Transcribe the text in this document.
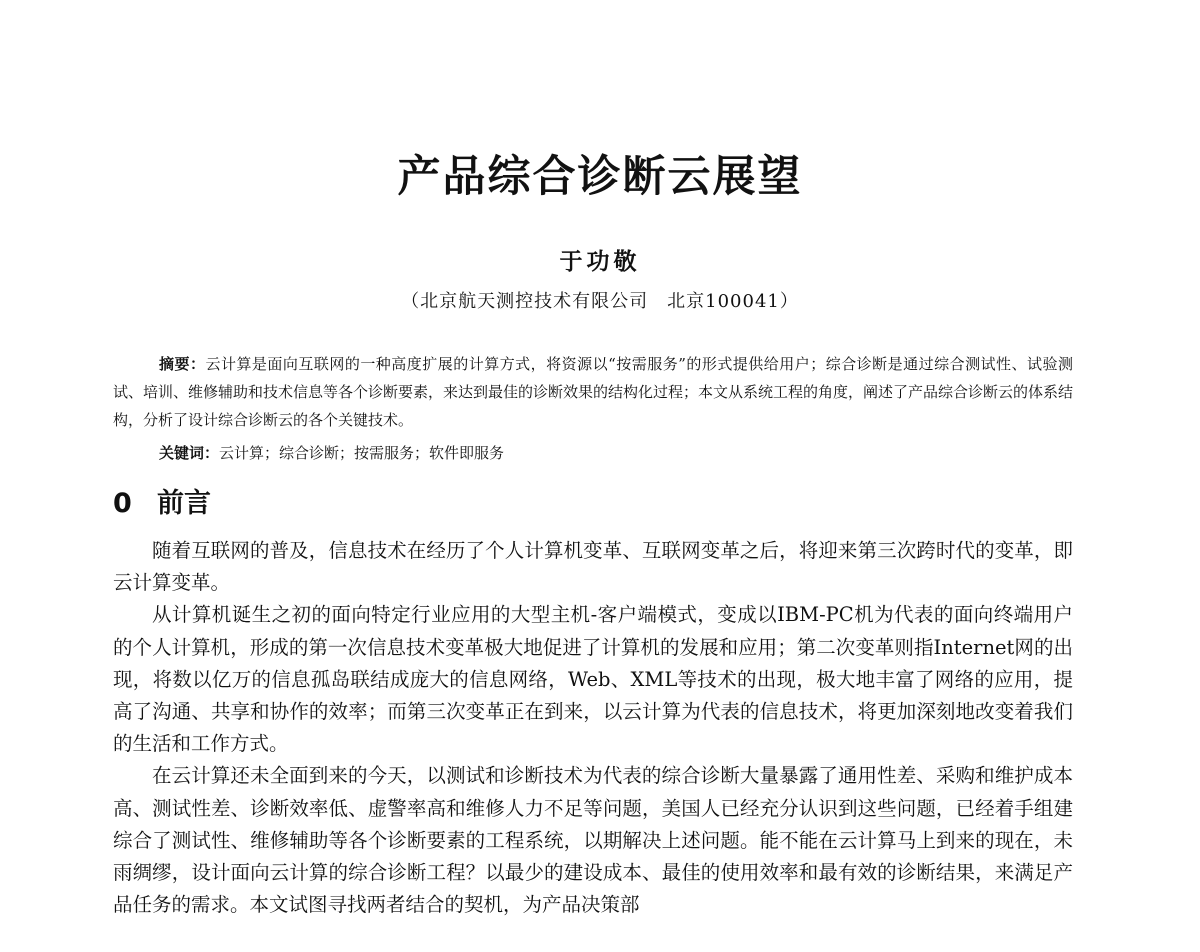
产品综合诊断云展望
于功敬
（北京航天测控技术有限公司　北京100041）

摘要：云计算是面向互联网的一种高度扩展的计算方式，将资源以“按需服务”的形式提供给用户；综合诊断是通过综合测试性、试验测试、培训、维修辅助和技术信息等各个诊断要素，来达到最佳的诊断效果的结构化过程；本文从系统工程的角度，阐述了产品综合诊断云的体系结构，分析了设计综合诊断云的各个关键技术。

关键词：云计算；综合诊断；按需服务；软件即服务

0 前言

随着互联网的普及，信息技术在经历了个人计算机变革、互联网变革之后，将迎来第三次跨时代的变革，即云计算变革。

从计算机诞生之初的面向特定行业应用的大型主机-客户端模式，变成以IBM-PC机为代表的面向终端用户的个人计算机，形成的第一次信息技术变革极大地促进了计算机的发展和应用；第二次变革则指Internet网的出现，将数以亿万的信息孤岛联结成庞大的信息网络，Web、XML等技术的出现，极大地丰富了网络的应用，提高了沟通、共享和协作的效率；而第三次变革正在到来，以云计算为代表的信息技术，将更加深刻地改变着我们的生活和工作方式。

在云计算还未全面到来的今天，以测试和诊断技术为代表的综合诊断大量暴露了通用性差、采购和维护成本高、测试性差、诊断效率低、虚警率高和维修人力不足等问题，美国人已经充分认识到这些问题，已经着手组建综合了测试性、维修辅助等各个诊断要素的工程系统，以期解决上述问题。能不能在云计算马上到来的现在，未雨绸缪，设计面向云计算的综合诊断工程？以最少的建设成本、最佳的使用效率和最有效的诊断结果，来满足产品任务的需求。本文试图寻找两者结合的契机，为产品决策部
